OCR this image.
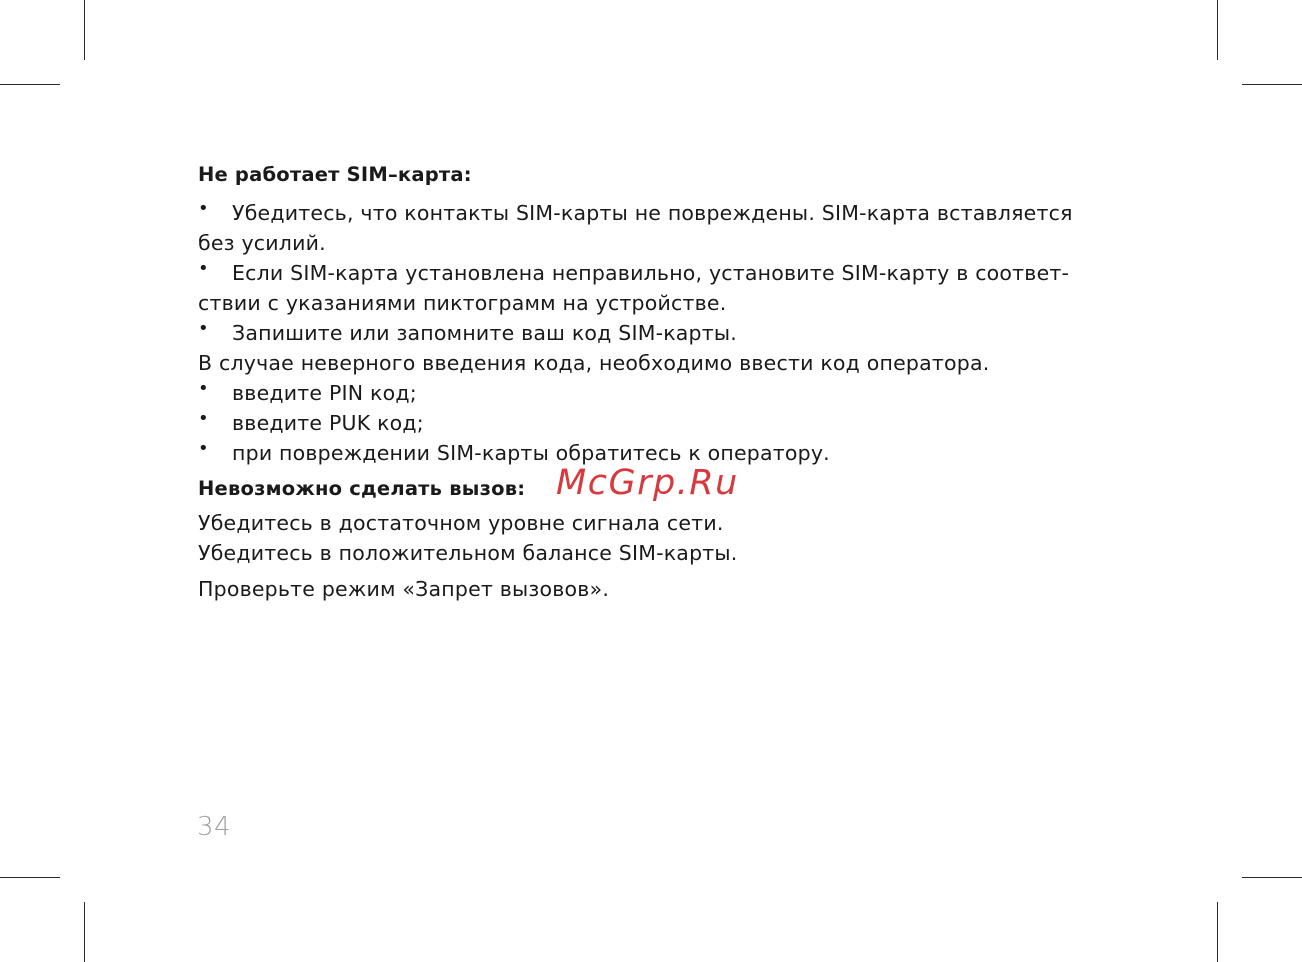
Не работает SIM–карта:

• Убедитесь, что контакты SIM-карты не повреждены. SIM-карта вставляется

без усилий.

• Если SIM-карта установлена неправильно, установите SIM-карту в соответ-

ствии с указаниями пиктограмм на устройстве.

• Запишите или запомните ваш код SIM-карты.

В случае неверного введения кода, необходимо ввести код оператора.

• введите PIN код;

• введите PUK код;

• при повреждении SIM-карты обратитесь к оператору.

Невозможно сделать вызов:

Убедитесь в достаточном уровне сигнала сети.

Убедитесь в положительном балансе SIM-карты.

Проверьте режим «Запрет вызовов».

McGrp.Ru
34
